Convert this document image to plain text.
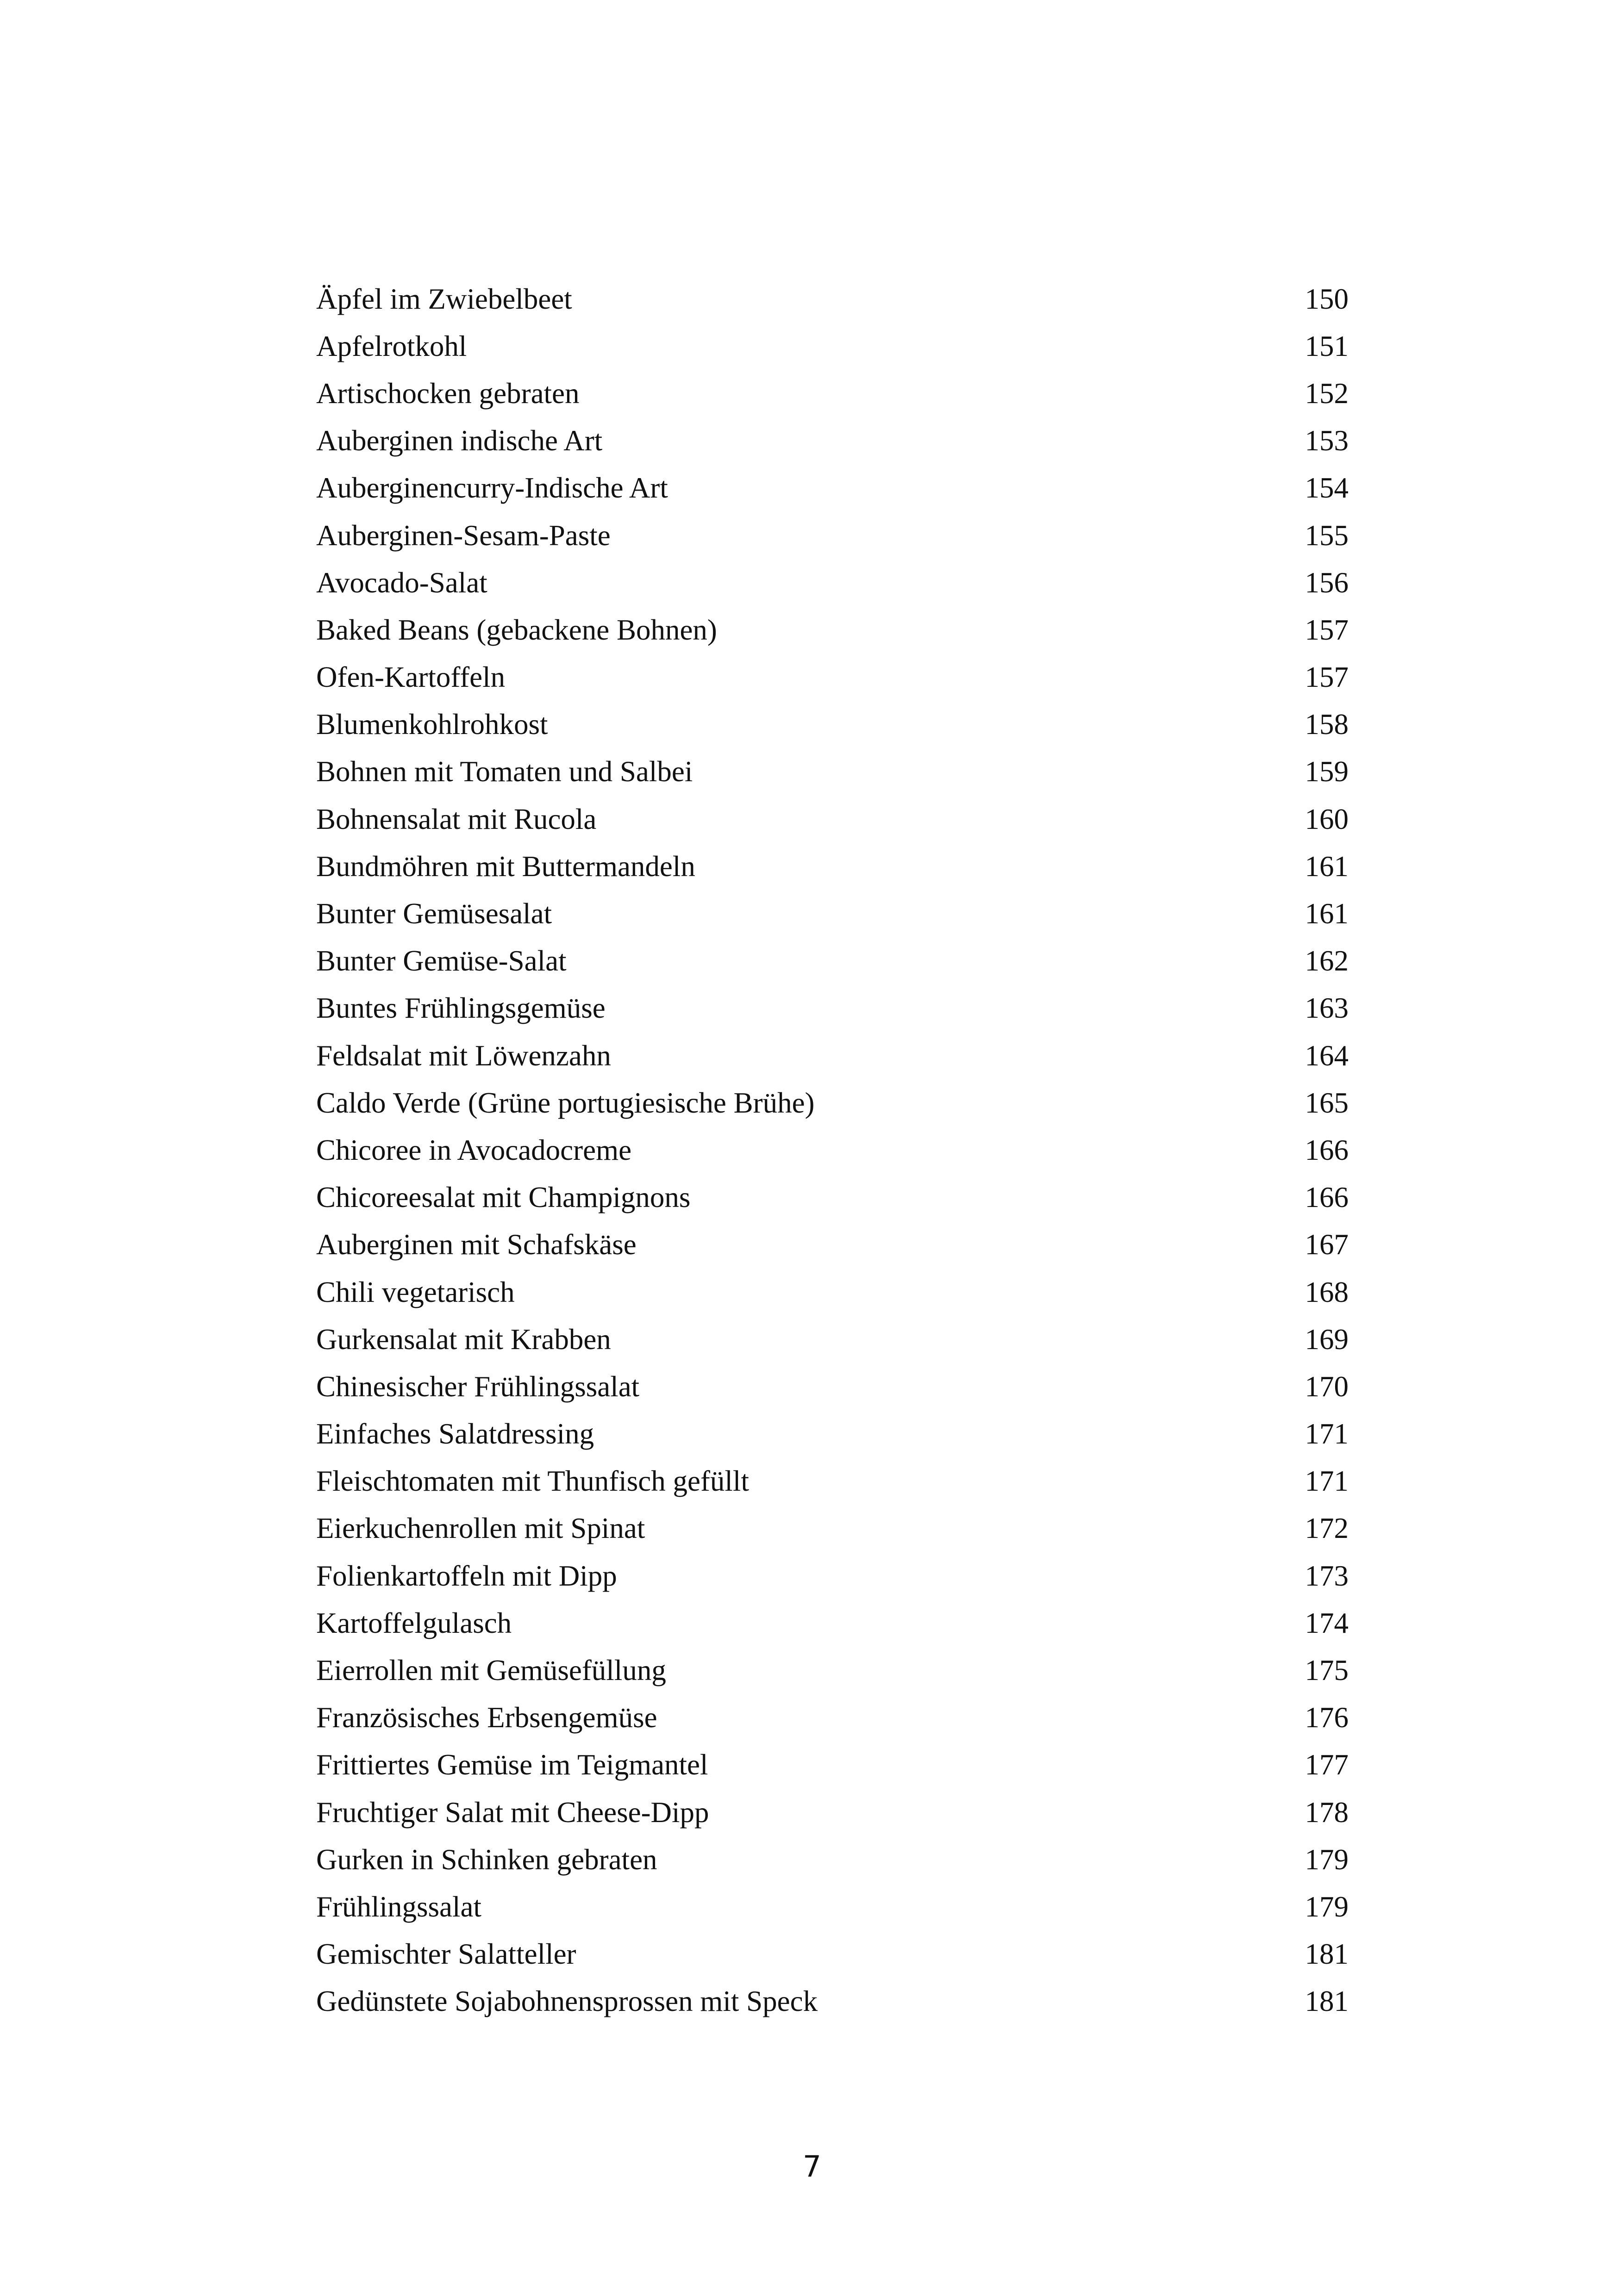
Äpfel im Zwiebelbeet	150
Apfelrotkohl	151
Artischocken gebraten	152
Auberginen indische Art	153
Auberginencurry-Indische Art	154
Auberginen-Sesam-Paste	155
Avocado-Salat	156
Baked Beans (gebackene Bohnen)	157
Ofen-Kartoffeln	157
Blumenkohlrohkost	158
Bohnen mit Tomaten und Salbei	159
Bohnensalat mit Rucola	160
Bundmöhren mit Buttermandeln	161
Bunter Gemüsesalat	161
Bunter Gemüse-Salat	162
Buntes Frühlingsgemüse	163
Feldsalat mit Löwenzahn	164
Caldo Verde (Grüne portugiesische Brühe)	165
Chicoree in Avocadocreme	166
Chicoreesalat mit Champignons	166
Auberginen mit Schafskäse	167
Chili vegetarisch	168
Gurkensalat mit Krabben	169
Chinesischer Frühlingssalat	170
Einfaches Salatdressing	171
Fleischtomaten mit Thunfisch gefüllt	171
Eierkuchenrollen mit Spinat	172
Folienkartoffeln mit Dipp	173
Kartoffelgulasch	174
Eierrollen mit Gemüsefüllung	175
Französisches Erbsengemüse	176
Frittiertes Gemüse im Teigmantel	177
Fruchtiger Salat mit Cheese-Dipp	178
Gurken in Schinken gebraten	179
Frühlingssalat	179
Gemischter Salatteller	181
Gedünstete Sojabohnensprossen mit Speck	181
7
